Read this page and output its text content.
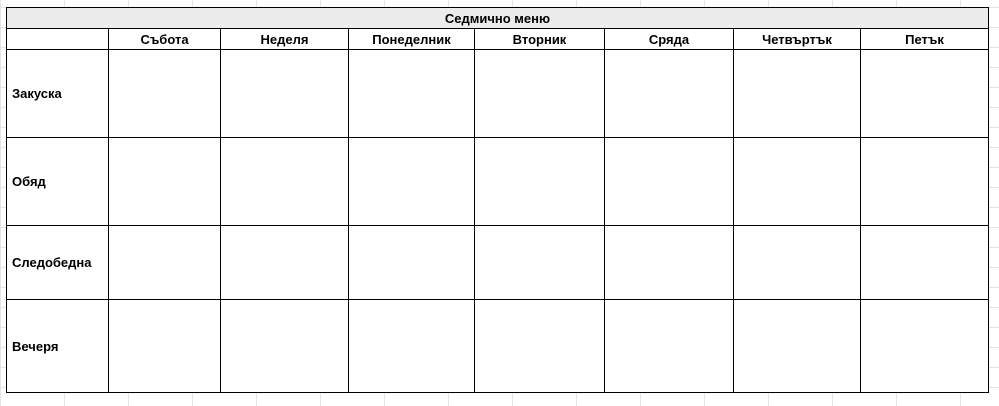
Седмично меню							
	Събота	Неделя	Понеделник	Вторник	Сряда	Четвъртък	Петък
Закуска							
Обяд							
Следобедна							
Вечеря							
